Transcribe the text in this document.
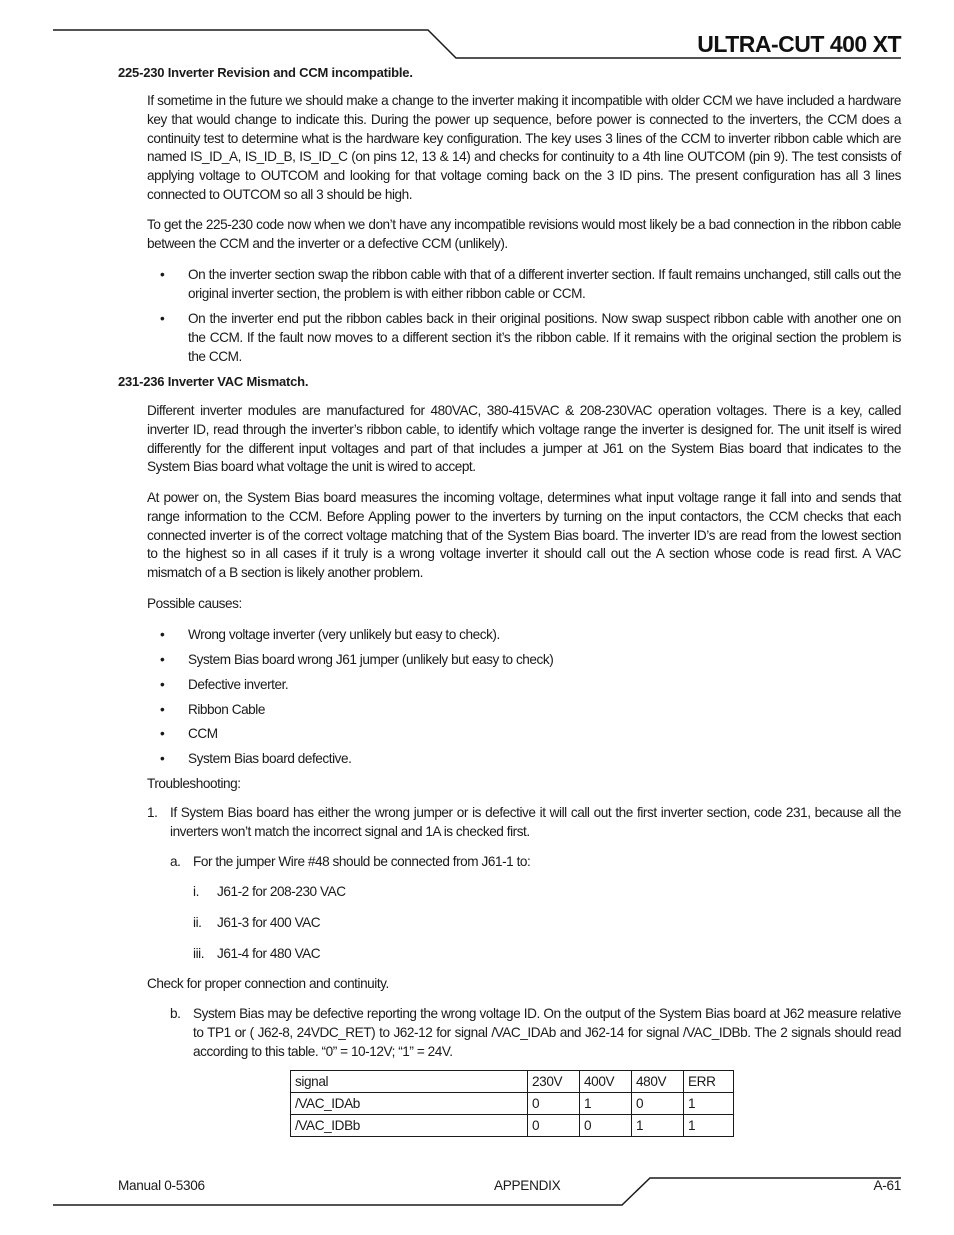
ULTRA-CUT 400 XT
225-230 Inverter Revision and CCM incompatible.
If sometime in the future we should make a change to the inverter making it incompatible with older CCM we have included a hardware key that would change to indicate this. During the power up sequence, before power is connected to the inverters, the CCM does a continuity test to determine what is the hardware key configuration. The key uses 3 lines of the CCM to inverter ribbon cable which are named IS_ID_A, IS_ID_B, IS_ID_C (on pins 12, 13 & 14) and checks for continuity to a 4th line OUTCOM (pin 9). The test consists of applying voltage to OUTCOM and looking for that voltage coming back on the 3 ID pins. The present configuration has all 3 lines connected to OUTCOM so all 3 should be high.
To get the 225-230 code now when we don’t have any incompatible revisions would most likely be a bad connection in the ribbon cable between the CCM and the inverter or a defective CCM (unlikely).
• On the inverter section swap the ribbon cable with that of a different inverter section. If fault remains unchanged, still calls out the original inverter section, the problem is with either ribbon cable or CCM.
• On the inverter end put the ribbon cables back in their original positions. Now swap suspect ribbon cable with another one on the CCM. If the fault now moves to a different section it’s the ribbon cable. If it remains with the original section the problem is the CCM.
231-236 Inverter VAC Mismatch.
Different inverter modules are manufactured for 480VAC, 380-415VAC & 208-230VAC operation voltages. There is a key, called inverter ID, read through the inverter’s ribbon cable, to identify which voltage range the inverter is designed for. The unit itself is wired differently for the different input voltages and part of that includes a jumper at J61 on the System Bias board that indicates to the System Bias board what voltage the unit is wired to accept.
At power on, the System Bias board measures the incoming voltage, determines what input voltage range it fall into and sends that range information to the CCM. Before Appling power to the inverters by turning on the input contactors, the CCM checks that each connected inverter is of the correct voltage matching that of the System Bias board. The inverter ID’s are read from the lowest section to the highest so in all cases if it truly is a wrong voltage inverter it should call out the A section whose code is read first. A VAC mismatch of a B section is likely another problem.
Possible causes:
• Wrong voltage inverter (very unlikely but easy to check).
• System Bias board wrong J61 jumper (unlikely but easy to check)
• Defective inverter.
• Ribbon Cable
• CCM
• System Bias board defective.
Troubleshooting:
1. If System Bias board has either the wrong jumper or is defective it will call out the first inverter section, code 231, because all the inverters won’t match the incorrect signal and 1A is checked first.
a. For the jumper Wire #48 should be connected from J61-1 to:
i. J61-2 for 208-230 VAC
ii. J61-3 for 400 VAC
iii. J61-4 for 480 VAC
Check for proper connection and continuity.
b. System Bias may be defective reporting the wrong voltage ID. On the output of the System Bias board at J62 measure relative to TP1 or ( J62-8, 24VDC_RET) to J62-12 for signal /VAC_IDAb and J62-14 for signal /VAC_IDBb. The 2 signals should read according to this table. “0” = 10-12V; “1” = 24V.
signal	230V	400V	480V	ERR
/VAC_IDAb	0	1	0	1
/VAC_IDBb	0	0	1	1
Manual 0-5306	APPENDIX	A-61
